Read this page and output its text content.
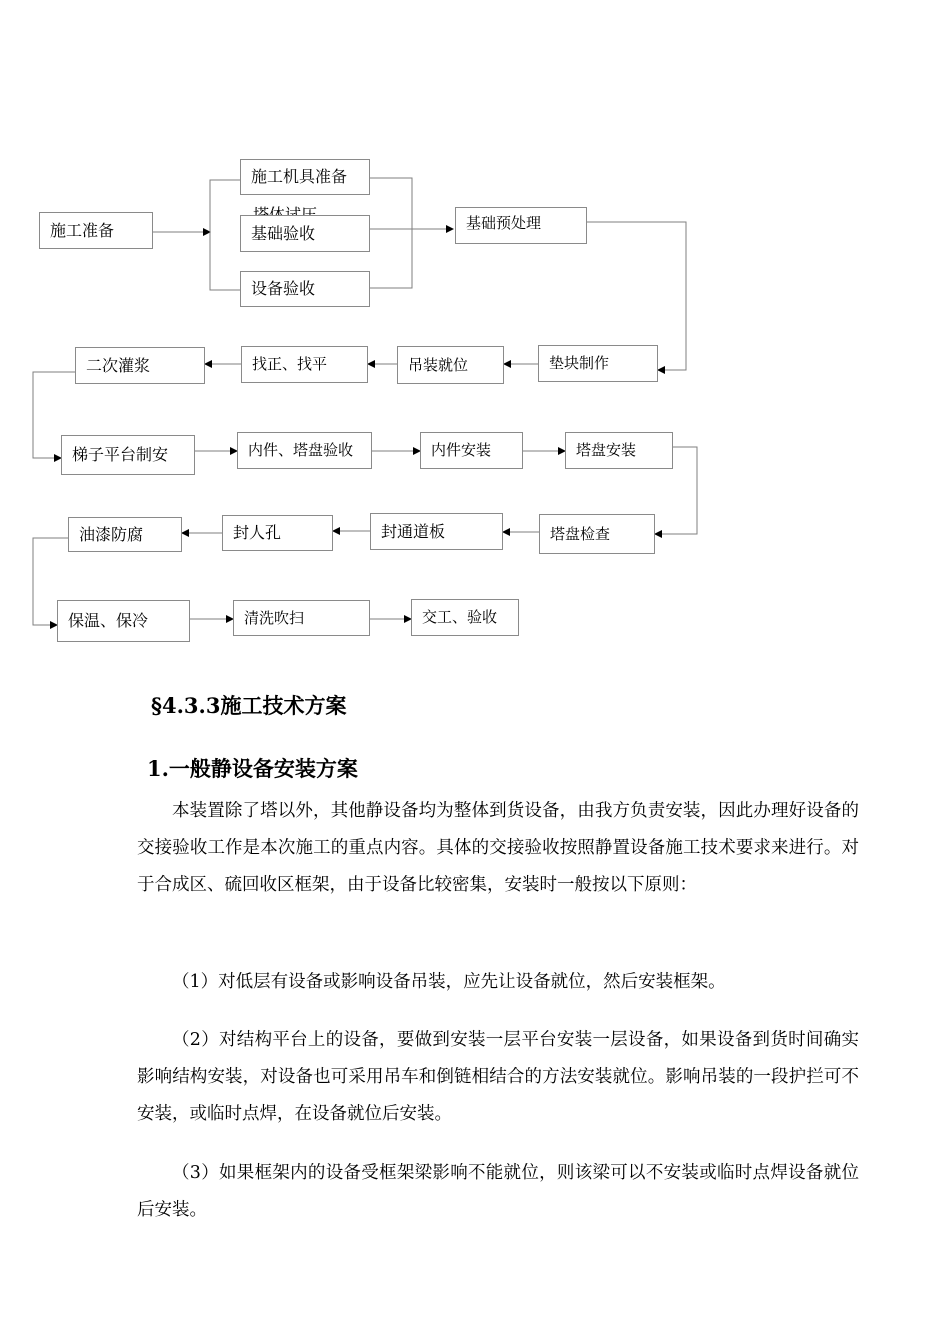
施工准备
施工机具准备
基础验收
设备验收
基础预处理
垫块制作
吊装就位
找正、找平
二次灌浆
梯子平台制安	内件、塔盘验收	内件安装	塔盘安装
塔盘检查
封通道板
封人孔
油漆防腐
保温、保冷	清洗吹扫	交工、验收
§4.3.3施工技术方案
1.一般静设备安装方案

本装置除了塔以外，其他静设备均为整体到货设备，由我方负责安装，因此办理好设备的交接验收工作是本次施工的重点内容。具体的交接验收按照静置设备施工技术要求来进行。对于合成区、硫回收区框架，由于设备比较密集，安装时一般按以下原则：

（1）对低层有设备或影响设备吊装，应先让设备就位，然后安装框架。

（2）对结构平台上的设备，要做到安装一层平台安装一层设备，如果设备到货时间确实影响结构安装，对设备也可采用吊车和倒链相结合的方法安装就位。影响吊装的一段护拦可不安装，或临时点焊，在设备就位后安装。

（3）如果框架内的设备受框架梁影响不能就位，则该梁可以不安装或临时点焊设备就位后安装。
